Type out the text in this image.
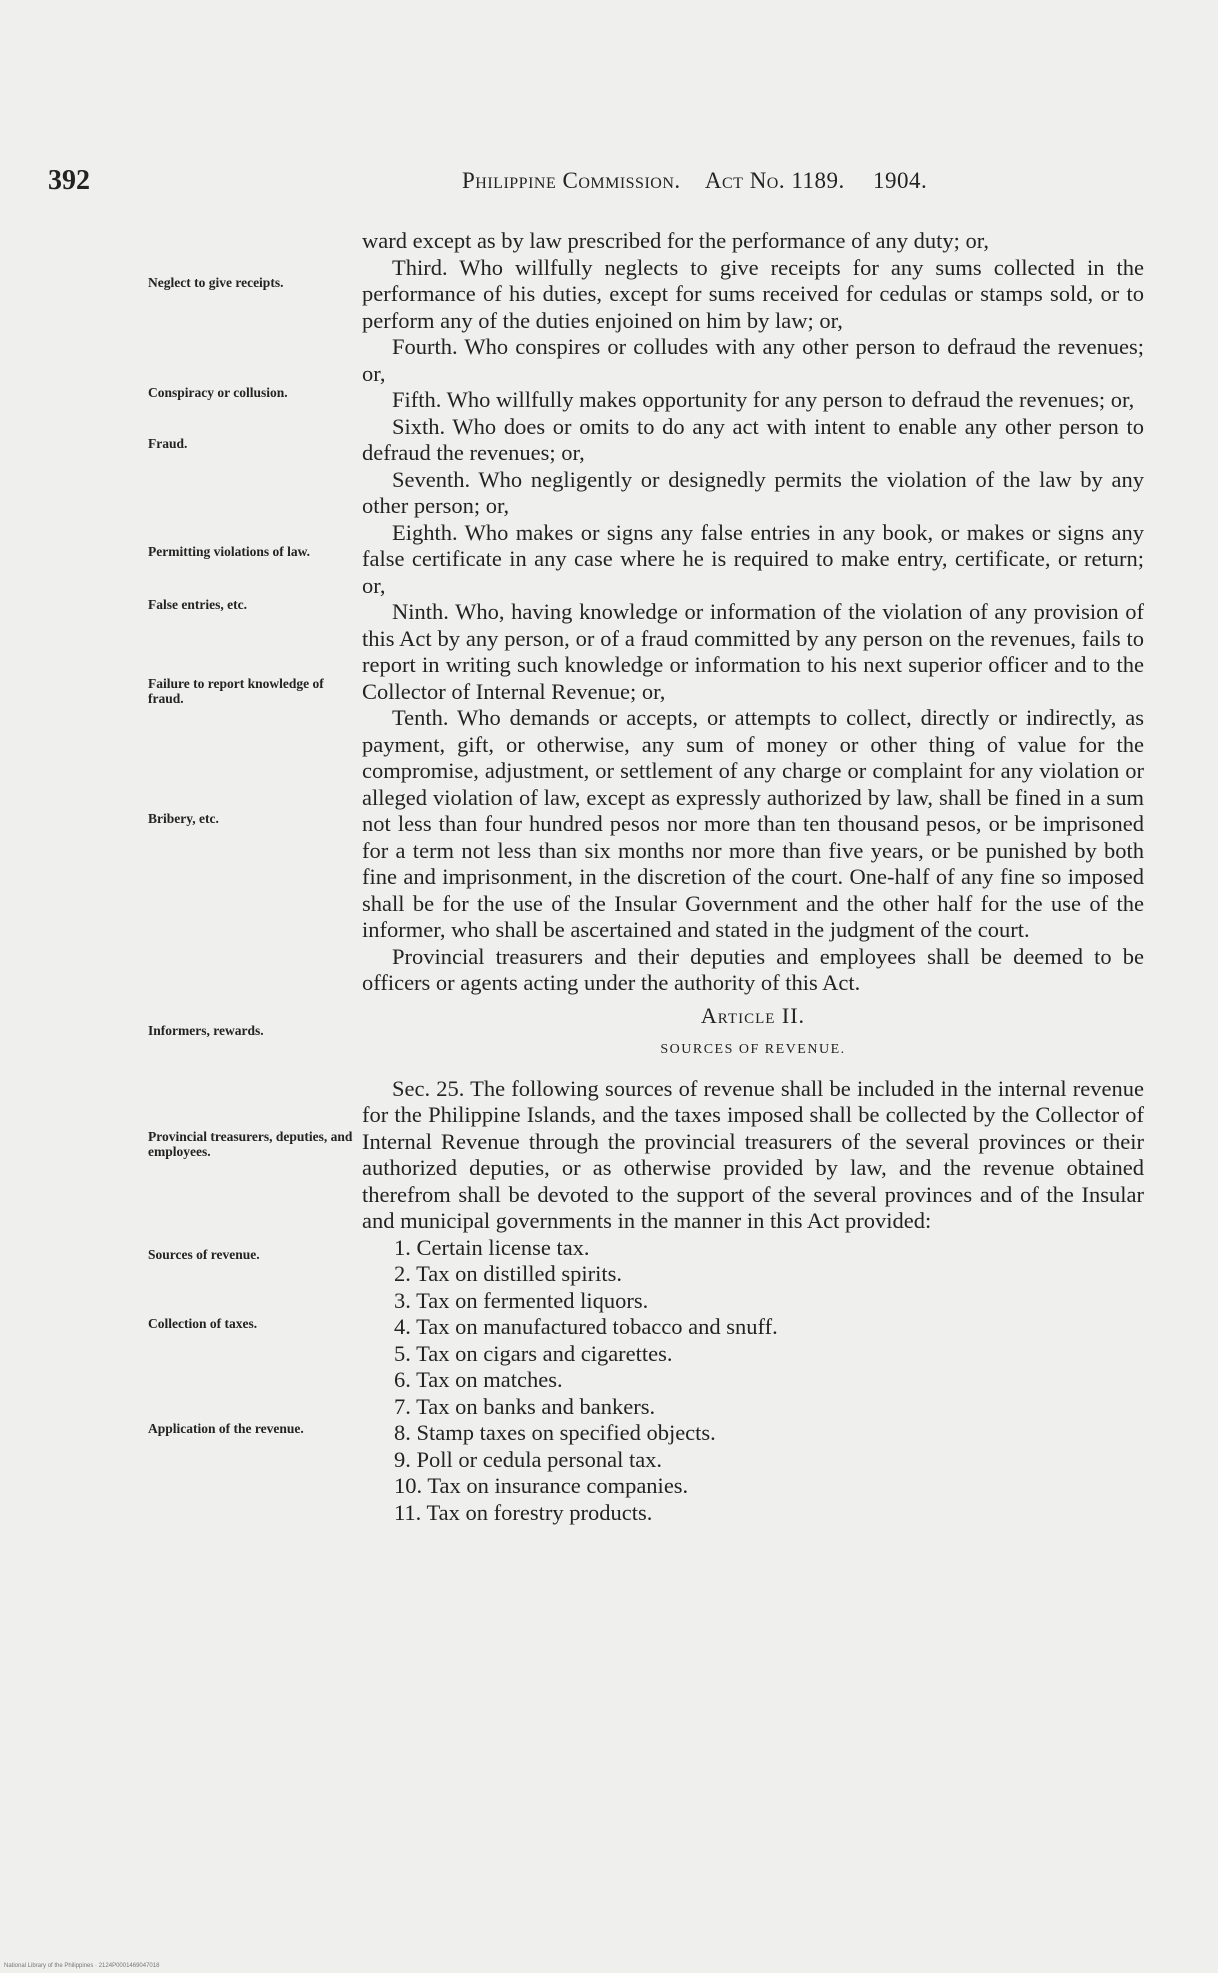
392	Philippine Commission. Act No. 1189. 1904.
Neglect to give receipts.
Conspiracy or collusion.
Fraud.
Permitting violations of law.
False entries, etc.
Failure to report knowledge of fraud.
Bribery, etc.
Informers, rewards.
Provincial treasurers, deputies, and employees.
Sources of revenue.
Collection of taxes.
Application of the revenue.

ward except as by law prescribed for the performance of any duty; or,

Third. Who willfully neglects to give receipts for any sums collected in the performance of his duties, except for sums received for cedulas or stamps sold, or to perform any of the duties enjoined on him by law; or,

Fourth. Who conspires or colludes with any other person to defraud the revenues; or,

Fifth. Who willfully makes opportunity for any person to defraud the revenues; or,

Sixth. Who does or omits to do any act with intent to enable any other person to defraud the revenues; or,

Seventh. Who negligently or designedly permits the violation of the law by any other person; or,

Eighth. Who makes or signs any false entries in any book, or makes or signs any false certificate in any case where he is required to make entry, certificate, or return; or,

Ninth. Who, having knowledge or information of the violation of any provision of this Act by any person, or of a fraud committed by any person on the revenues, fails to report in writing such knowledge or information to his next superior officer and to the Collector of Internal Revenue; or,

Tenth. Who demands or accepts, or attempts to collect, directly or indirectly, as payment, gift, or otherwise, any sum of money or other thing of value for the compromise, adjustment, or settlement of any charge or complaint for any violation or alleged violation of law, except as expressly authorized by law, shall be fined in a sum not less than four hundred pesos nor more than ten thousand pesos, or be imprisoned for a term not less than six months nor more than five years, or be punished by both fine and imprisonment, in the discretion of the court. One-half of any fine so imposed shall be for the use of the Insular Government and the other half for the use of the informer, who shall be ascertained and stated in the judgment of the court.

Provincial treasurers and their deputies and employees shall be deemed to be officers or agents acting under the authority of this Act.

Article II.

SOURCES OF REVENUE.

Sec. 25. The following sources of revenue shall be included in the internal revenue for the Philippine Islands, and the taxes imposed shall be collected by the Collector of Internal Revenue through the provincial treasurers of the several provinces or their authorized deputies, or as otherwise provided by law, and the revenue obtained therefrom shall be devoted to the support of the several provinces and of the Insular and municipal governments in the manner in this Act provided:

1. Certain license tax.
2. Tax on distilled spirits.
3. Tax on fermented liquors.
4. Tax on manufactured tobacco and snuff.
5. Tax on cigars and cigarettes.
6. Tax on matches.
7. Tax on banks and bankers.
8. Stamp taxes on specified objects.
9. Poll or cedula personal tax.
10. Tax on insurance companies.
11. Tax on forestry products.
National Library of the Philippines · 2124P0001469047018
